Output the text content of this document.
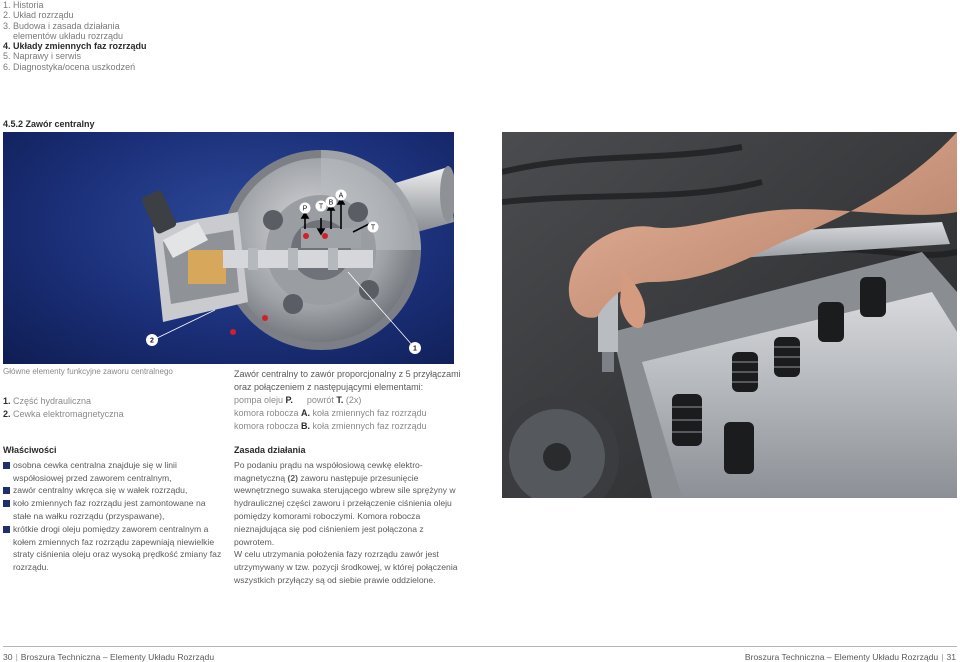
1. Historia
2. Układ rozrządu
3. Budowa i zasada działania
elementów układu rozrządu
4. Układy zmiennych faz rozrządu
5. Naprawy i serwis
6. Diagnostyka/ocena uszkodzeń
4.5.2 Zawór centralny
P T
B
A
T
2
1
Główne elementy funkcyjne zaworu centralnego
1. Część hydrauliczna
2. Cewka elektromagnetyczna
Zawór centralny to zawór proporcjonalny z 5 przyłączami
oraz połączeniem z następującymi elementami:
pompa oleju P. powrót T. (2x)
komora robocza A. koła zmiennych faz rozrządu
komora robocza B. koła zmiennych faz rozrządu
Właściwości
osobna cewka centralna znajduje się w linii współosiowej przed zaworem centralnym,
zawór centralny wkręca się w wałek rozrządu,
koło zmiennych faz rozrządu jest zamontowane na stałe na wałku rozrządu (przyspawane),
krótkie drogi oleju pomiędzy zaworem centralnym a kołem zmiennych faz rozrządu zapewniają niewielkie straty ciśnienia oleju oraz wysoką prędkość zmiany faz rozrządu.
Zasada działania

Po podaniu prądu na współosiową cewkę elektro-magnetyczną (2) zaworu następuje przesunięcie wewnętrznego suwaka sterującego wbrew sile sprężyny w hydraulicznej części zaworu i przełączenie ciśnienia oleju pomiędzy komorami roboczymi. Komora robocza nieznajdująca się pod ciśnieniem jest połączona z powrotem.

W celu utrzymania położenia fazy rozrządu zawór jest utrzymywany w tzw. pozycji środkowej, w której połączenia wszystkich przyłączy są od siebie prawie oddzielone.

30 | Broszura Techniczna – Elementy Układu Rozrządu	Broszura Techniczna – Elementy Układu Rozrządu | 31
